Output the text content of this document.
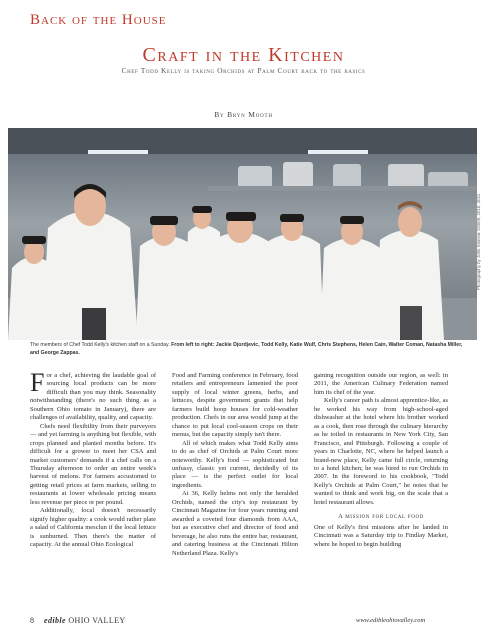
Back of the House
Craft in the Kitchen
Chef Todd Kelly is taking Orchids at Palm Court back to the basics
By Bryn Mooth
The members of Chef Todd Kelly's kitchen staff on a Sunday. From left to right: Jackie Djordjevic, Todd Kelly, Katie Wulf, Chris Stephens, Helen Cain, Walter Coman, Natasha Miller, and George Zappas.
Photography by John Kinnear ©2009, 2010, 2011

For a chef, achieving the laudable goal of sourcing local products can be more difficult than you may think. Seasonality notwithstanding (there's no such thing as a Southern Ohio tomato in January), there are challenges of availability, quality, and capacity.

Chefs need flexibility from their purveyors — and yet farming is anything but flexible, with crops planned and planted months before. It's difficult for a grower to meet her CSA and market customers' demands if a chef calls on a Thursday afternoon to order an entire week's harvest of melons. For farmers accustomed to getting retail prices at farm markets, selling to restaurants at lower wholesale pricing means less revenue per piece or per pound.

Additionally, local doesn't necessarily signify higher quality: a cook would rather plate a salad of California mesclun if the local lettuce is sunburned. Then there's the matter of capacity. At the annual Ohio Ecological

Food and Farming conference in February, food retailers and entrepreneurs lamented the poor supply of local winter greens, herbs, and lettuces, despite government grants that help farmers build hoop houses for cold-weather production. Chefs in our area would jump at the chance to put local cool-season crops on their menus, but the capacity simply isn't there.

All of which makes what Todd Kelly aims to do as chef of Orchids at Palm Court more noteworthy. Kelly's food — sophisticated but unfussy, classic yet current, decidedly of its place — is the perfect outlet for local ingredients.

At 36, Kelly helms not only the heralded Orchids, named the city's top restaurant by Cincinnati Magazine for four years running and awarded a coveted four diamonds from AAA, but as executive chef and director of food and beverage, he also runs the entire bar, restaurant, and catering business at the Cincinnati Hilton Netherland Plaza. Kelly's

gaining recognition outside our region, as well: in 2011, the American Culinary Federation named him its chef of the year.

Kelly's career path is almost apprentice-like, as he worked his way from high-school-aged dishwasher at the hotel where his brother worked as a cook, then rose through the culinary hierarchy as he toiled in restaurants in New York City, San Francisco, and Pittsburgh. Following a couple of years in Charlotte, NC, where he helped launch a brand-new place, Kelly came full circle, returning to a hotel kitchen; he was hired to run Orchids in 2007. In the foreword to his cookbook, "Todd Kelly's Orchids at Palm Court," he notes that he wanted to think and work big, on the scale that a hotel restaurant allows.

A mission for local food

One of Kelly's first missions after he landed in Cincinnati was a Saturday trip to Findlay Market, where he hoped to begin building

8 edible OHIO VALLEY	www.edibleohiovalley.com
